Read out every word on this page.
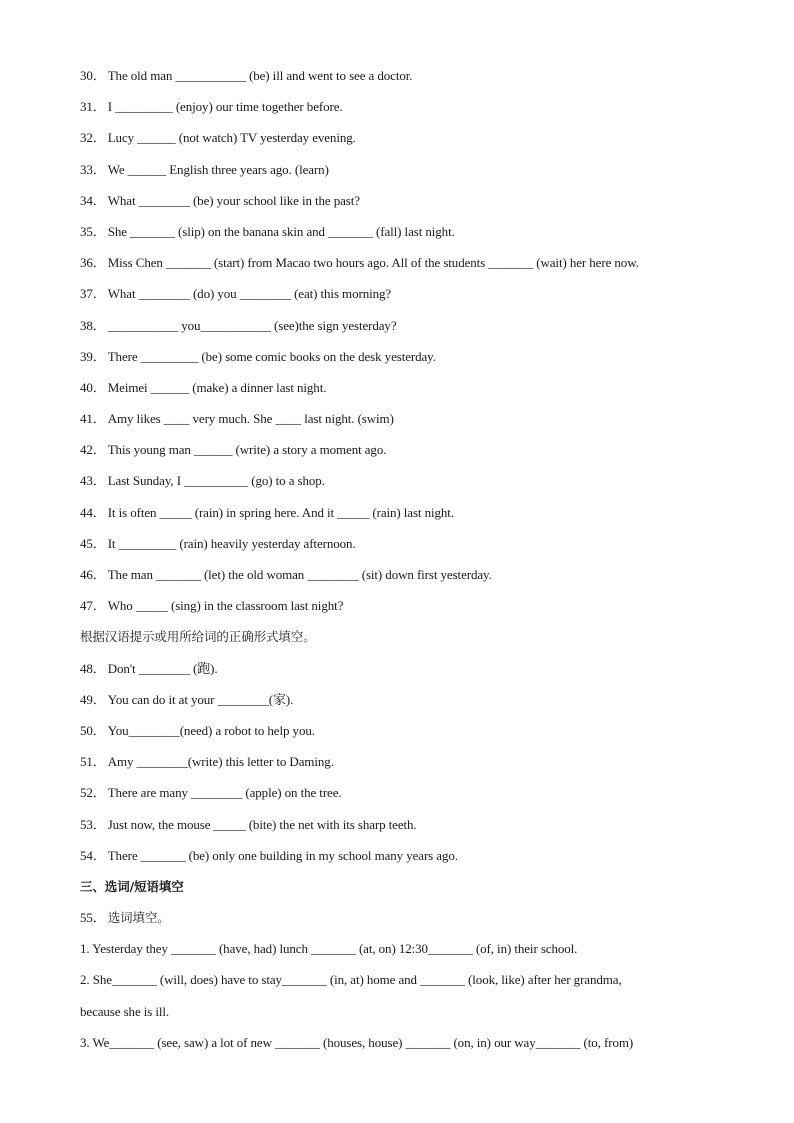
30． The old man ___________ (be) ill and went to see a doctor.
31． I _________ (enjoy) our time together before.
32． Lucy ______ (not watch) TV yesterday evening.
33． We ______ English three years ago. (learn)
34． What ________ (be) your school like in the past?
35． She _______ (slip) on the banana skin and _______ (fall) last night.
36． Miss Chen _______ (start) from Macao two hours ago. All of the students _______ (wait) her here now.
37． What ________ (do) you ________ (eat) this morning?
38． ___________ you___________ (see)the sign yesterday?
39． There _________ (be) some comic books on the desk yesterday.
40． Meimei ______ (make) a dinner last night.
41． Amy likes ____ very much. She ____ last night. (swim)
42． This young man ______ (write) a story a moment ago.
43． Last Sunday, I __________ (go) to a shop.
44． It is often _____ (rain) in spring here. And it _____ (rain) last night.
45． It _________ (rain) heavily yesterday afternoon.
46． The man _______ (let) the old woman ________ (sit) down first yesterday.
47． Who _____ (sing) in the classroom last night?
根据汉语提示或用所给词的正确形式填空。
48． Don't ________ (跑).
49． You can do it at your ________(家).
50． You________(need) a robot to help you.
51． Amy ________(write) this letter to Daming.
52． There are many ________ (apple) on the tree.
53． Just now, the mouse _____ (bite) the net with its sharp teeth.
54． There _______ (be) only one building in my school many years ago.
三、选词/短语填空
55． 选词填空。
1. Yesterday they _______ (have, had) lunch _______ (at, on) 12:30_______ (of, in) their school.
2. She_______ (will, does) have to stay_______ (in, at) home and _______ (look, like) after her grandma,
because she is ill.
3. We_______ (see, saw) a lot of new _______ (houses, house) _______ (on, in) our way_______ (to, from)
